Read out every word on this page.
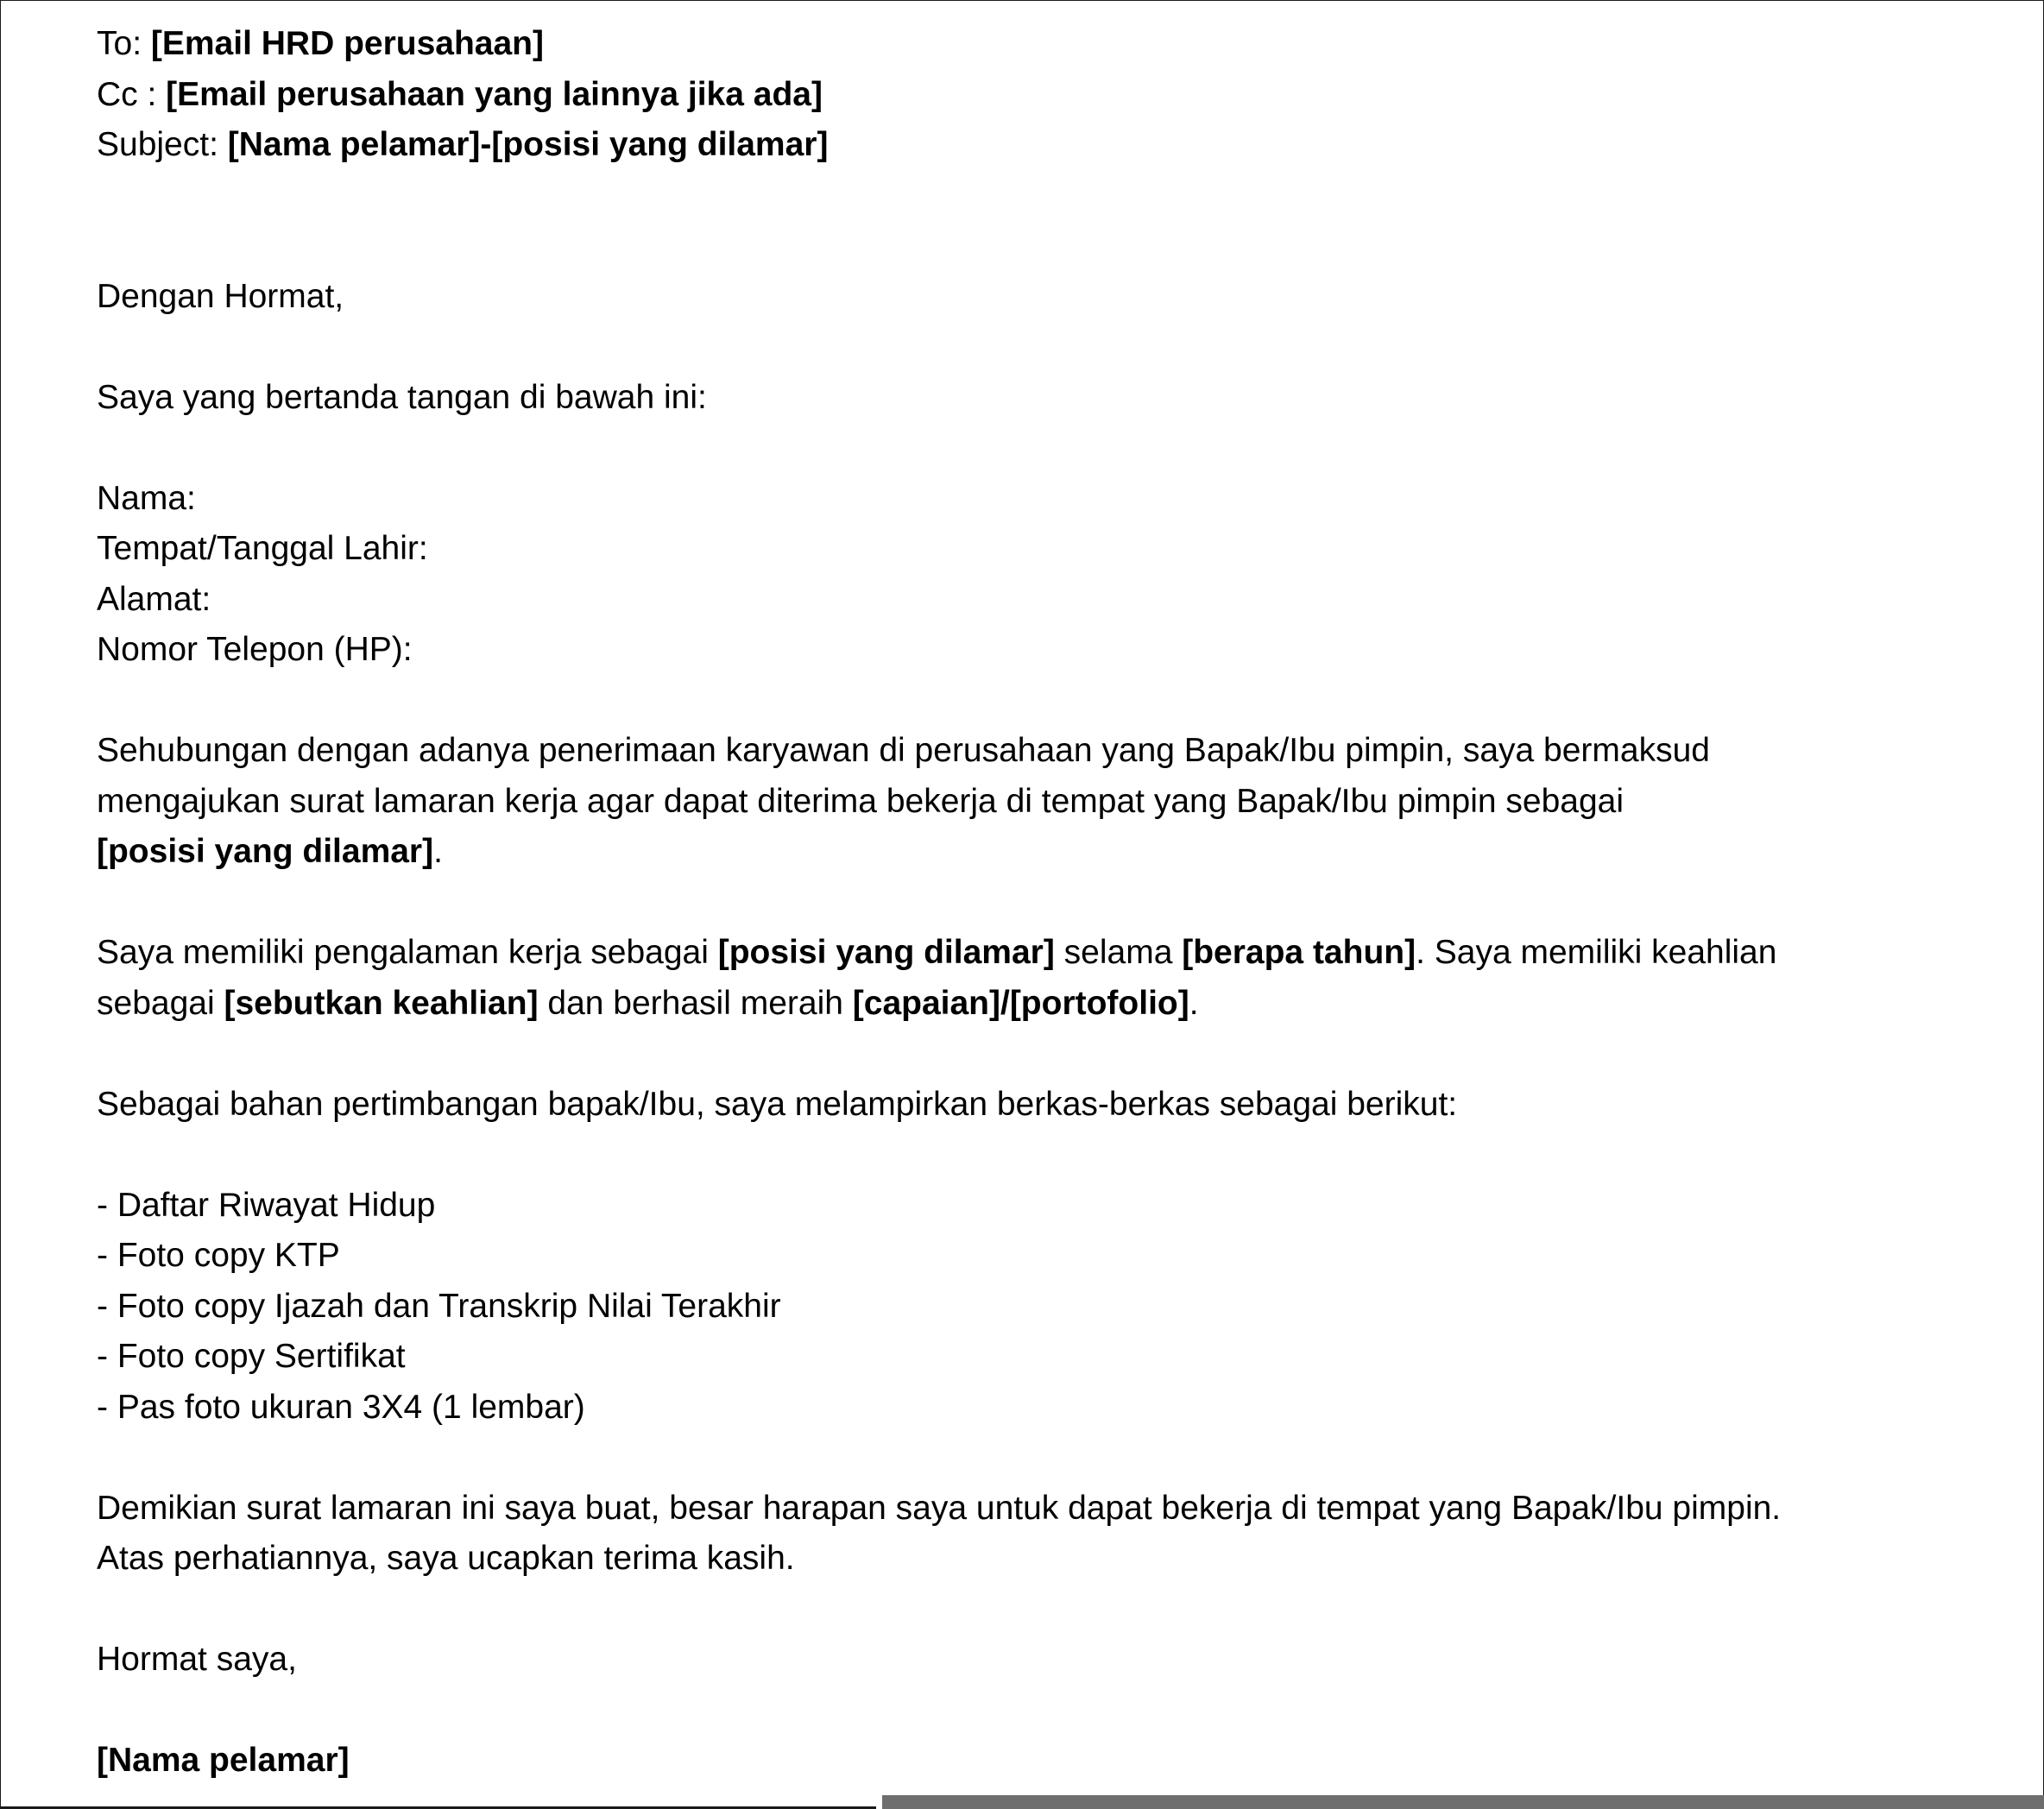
To: [Email HRD perusahaan]
Cc : [Email perusahaan yang lainnya jika ada]
Subject: [Nama pelamar]-[posisi yang dilamar]
Dengan Hormat,
Saya yang bertanda tangan di bawah ini:
Nama:
Tempat/Tanggal Lahir:
Alamat:
Nomor Telepon (HP):
Sehubungan dengan adanya penerimaan karyawan di perusahaan yang Bapak/Ibu pimpin, saya bermaksud
mengajukan surat lamaran kerja agar dapat diterima bekerja di tempat yang Bapak/Ibu pimpin sebagai
[posisi yang dilamar].
Saya memiliki pengalaman kerja sebagai [posisi yang dilamar] selama [berapa tahun]. Saya memiliki keahlian
sebagai [sebutkan keahlian] dan berhasil meraih [capaian]/[portofolio].
Sebagai bahan pertimbangan bapak/Ibu, saya melampirkan berkas-berkas sebagai berikut:
- Daftar Riwayat Hidup
- Foto copy KTP
- Foto copy Ijazah dan Transkrip Nilai Terakhir
- Foto copy Sertifikat
- Pas foto ukuran 3X4 (1 lembar)
Demikian surat lamaran ini saya buat, besar harapan saya untuk dapat bekerja di tempat yang Bapak/Ibu pimpin.
Atas perhatiannya, saya ucapkan terima kasih.
Hormat saya,
[Nama pelamar]
